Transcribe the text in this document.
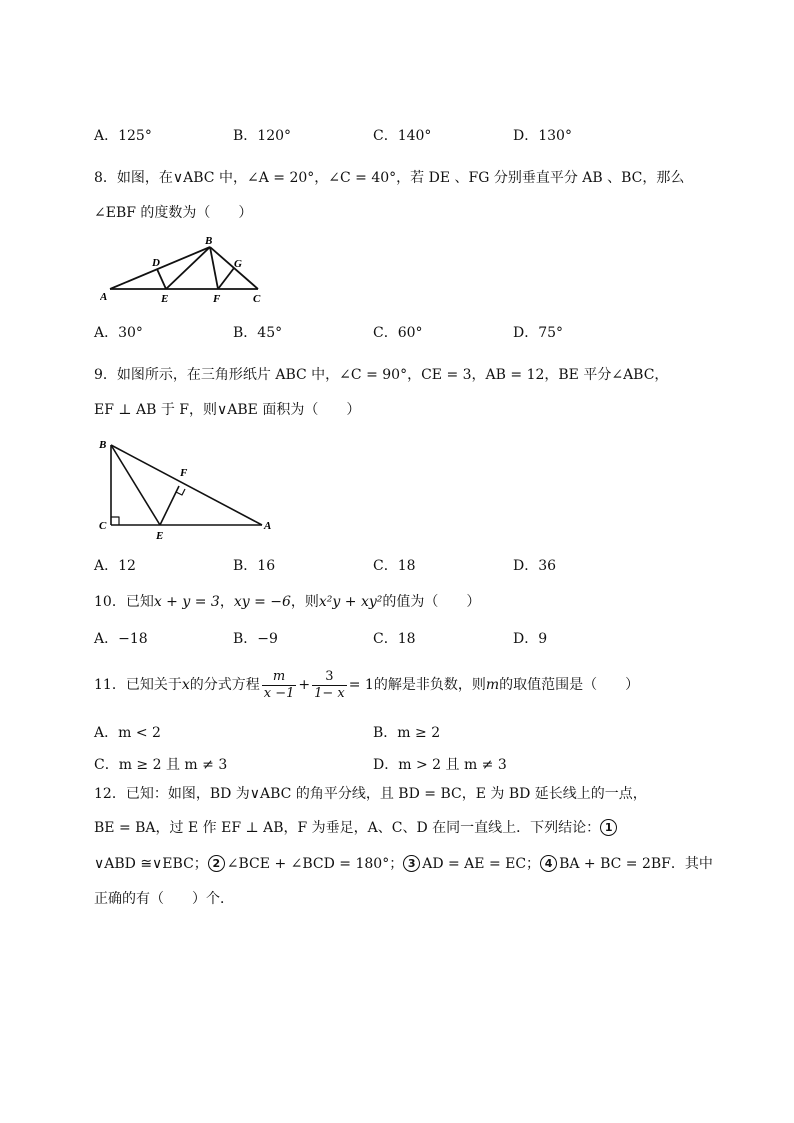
A．125°	B．120°	C．140°	D．130°
8．如图，在∨ABC 中，∠A = 20°，∠C = 40°，若 DE 、FG 分别垂直平分 AB 、BC，那么
∠EBF 的度数为（　　）
A
D
E
B
F
G
C
A．30°	B．45°	C．60°	D．75°
9．如图所示，在三角形纸片 ABC 中，∠C = 90°，CE = 3，AB = 12，BE 平分∠ABC，
EF ⊥ AB 于 F，则∨ABE 面积为（　　）
B
F
C
E
A
A．12	B．16	C．18	D．36
10．已知x + y = 3，xy = −6，则x²y + xy²的值为（　　）
A．−18	B．−9	C．18	D．9
11．已知关于x的分式方程 $\frac{m}{x -1} + \frac{3}{1- x} = 1$的解是非负数，则m的取值范围是（　　）
A．m < 2	B．m ≥ 2
C．m ≥ 2 且 m ≠ 3	D．m > 2 且 m ≠ 3
12．已知：如图，BD 为∨ABC 的角平分线，且 BD = BC，E 为 BD 延长线上的一点，
BE = BA，过 E 作 EF ⊥ AB，F 为垂足，A、C、D 在同一直线上．下列结论： 1
∨ABD ≅∨EBC； 2 ∠BCE + ∠BCD = 180°； 3 AD = AE = EC； 4 BA + BC = 2BF．其中
正确的有（　　）个．
